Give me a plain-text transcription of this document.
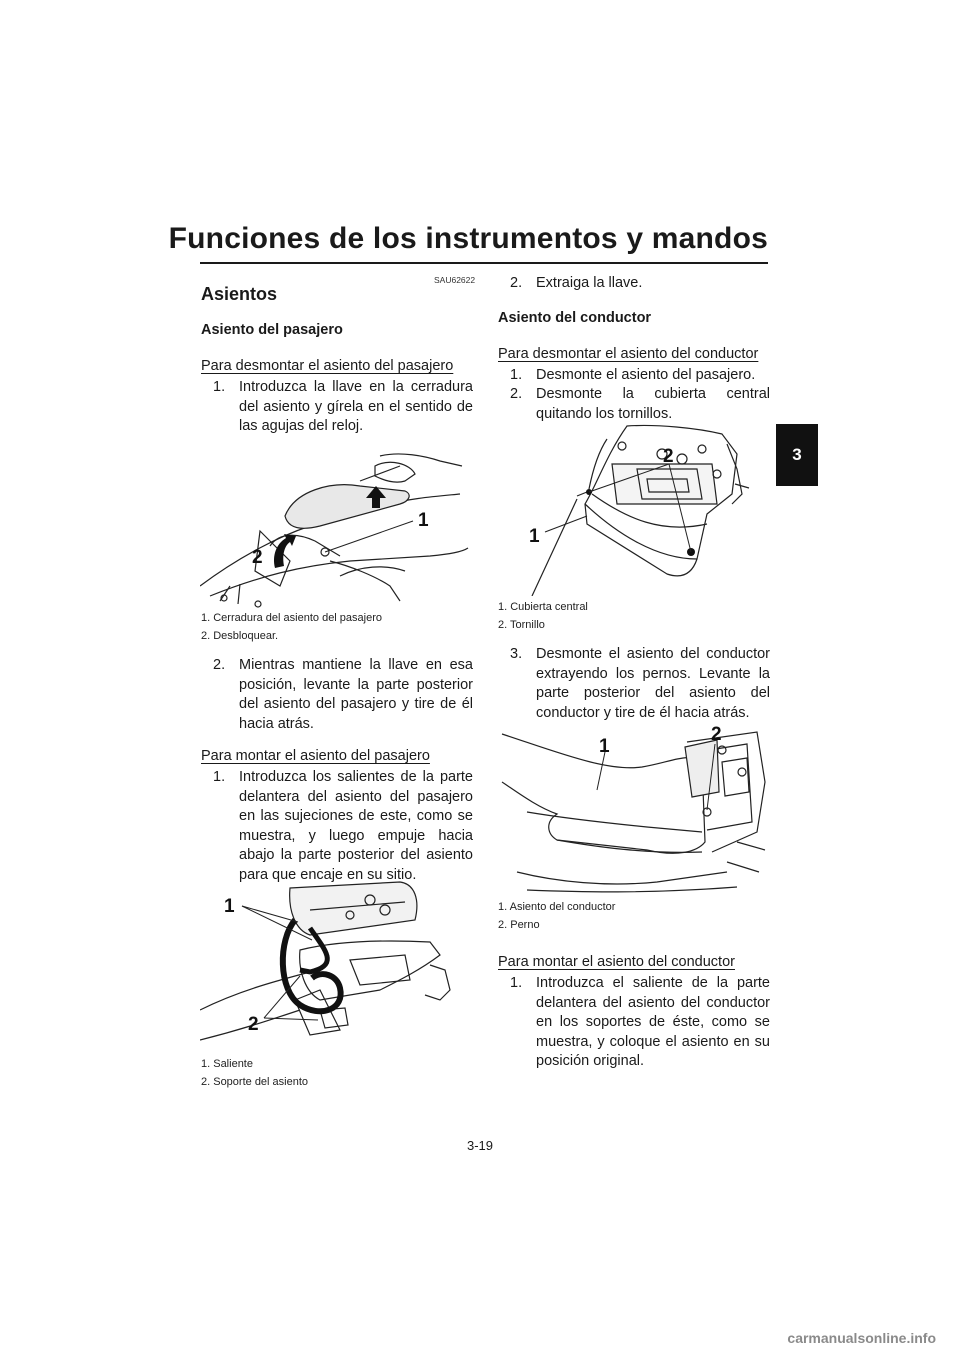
Funciones de los instrumentos y mandos
3
SAU62622
Asientos
Asiento del pasajero
Para desmontar el asiento del pasajero
1. Introduzca la llave en la cerradura del asiento y gírela en el sentido de las agujas del reloj.
1
2
1. Cerradura del asiento del pasajero
2. Desbloquear.
2. Mientras mantiene la llave en esa posición, levante la parte posterior del asiento del pasajero y tire de él hacia atrás.
Para montar el asiento del pasajero
1. Introduzca los salientes de la parte delantera del asiento del pasajero en las sujeciones de este, como se muestra, y luego empuje hacia abajo la parte posterior del asiento para que encaje en su sitio.
1
2
1. Saliente
2. Soporte del asiento
2. Extraiga la llave.
Asiento del conductor
Para desmontar el asiento del conductor
1. Desmonte el asiento del pasajero.
2. Desmonte la cubierta central quitando los tornillos.
2
1
1. Cubierta central
2. Tornillo
3. Desmonte el asiento del conductor extrayendo los pernos. Levante la parte posterior del asiento del conductor y tire de él hacia atrás.
1
2
1. Asiento del conductor
2. Perno
Para montar el asiento del conductor
1. Introduzca el saliente de la parte delantera del asiento del conductor en los soportes de éste, como se muestra, y coloque el asiento en su posición original.
3-19
carmanualsonline.info
